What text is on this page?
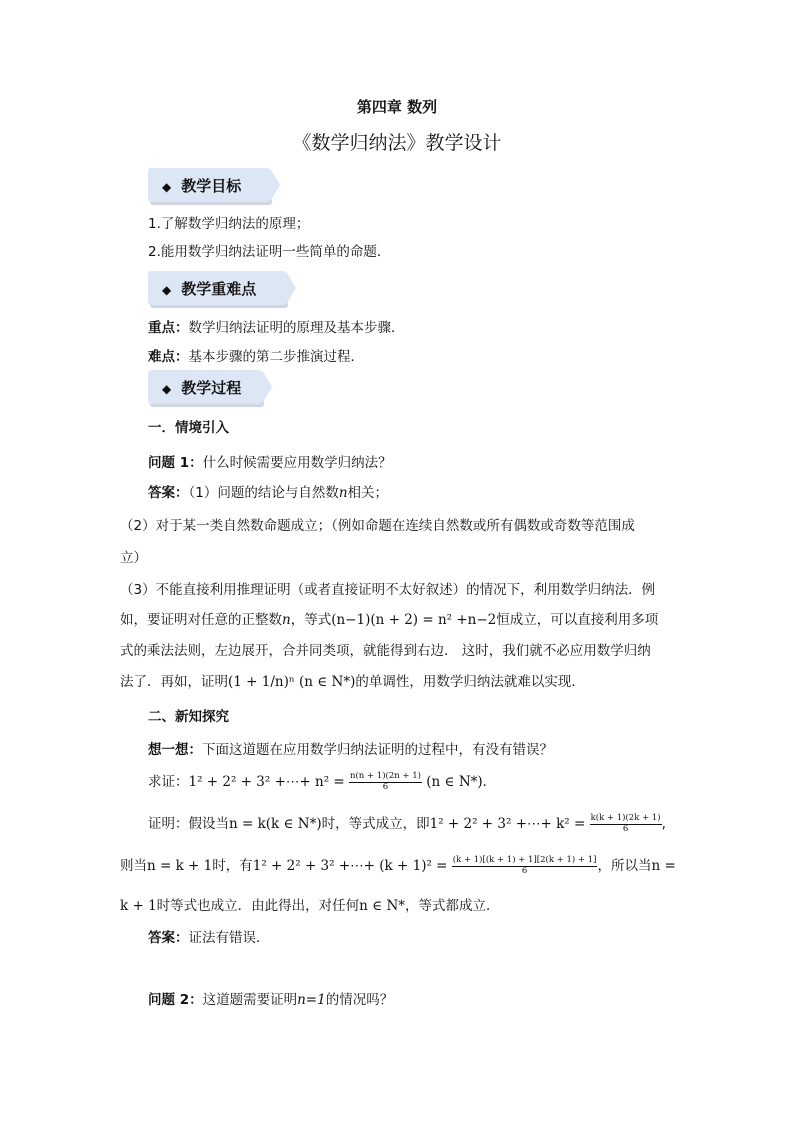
第四章 数列
《数学归纳法》教学设计
◆ 教学目标
1.了解数学归纳法的原理；
2.能用数学归纳法证明一些简单的命题．
◆ 教学重难点
重点：数学归纳法证明的原理及基本步骤．
难点：基本步骤的第二步推演过程．
◆ 教学过程
一．情境引入
问题 1：什么时候需要应用数学归纳法？
答案：（1）问题的结论与自然数n相关；
（2）对于某一类自然数命题成立；（例如命题在连续自然数或所有偶数或奇数等范围成
立）
（3）不能直接利用推理证明（或者直接证明不太好叙述）的情况下，利用数学归纳法．例
如，要证明对任意的正整数n，等式(n−1)(n + 2) = n² +n−2恒成立，可以直接利用多项
式的乘法法则，左边展开，合并同类项，就能得到右边． 这时，我们就不必应用数学归纳
法了．再如，证明(1 + 1/n)ⁿ (n ∈ N*)的单调性，用数学归纳法就难以实现．
二、新知探究
想一想：下面这道题在应用数学归纳法证明的过程中，有没有错误？
求证：1² + 2² + 3² +⋯+ $n^2 = \frac{n(n + 1)(2n + 1)}{6} (n$ ∈ N*)．
证明：假设当n = k(k ∈ N*)时，等式成立，即1² + 2² + 3² +⋯+ $k^2 = \frac{k(k + 1)(2k + 1)}{6}$ ,
则当n = k + 1时，有1² + 2² + 3² +⋯+ $(k + 1)^2 = \frac{(k + 1)[(k + 1) + 1][2(k + 1) + 1]}{6}$ ，所以当n =
k + 1时等式也成立．由此得出，对任何n ∈ N*，等式都成立．
答案：证法有错误．
问题 2：这道题需要证明n=1的情况吗？
